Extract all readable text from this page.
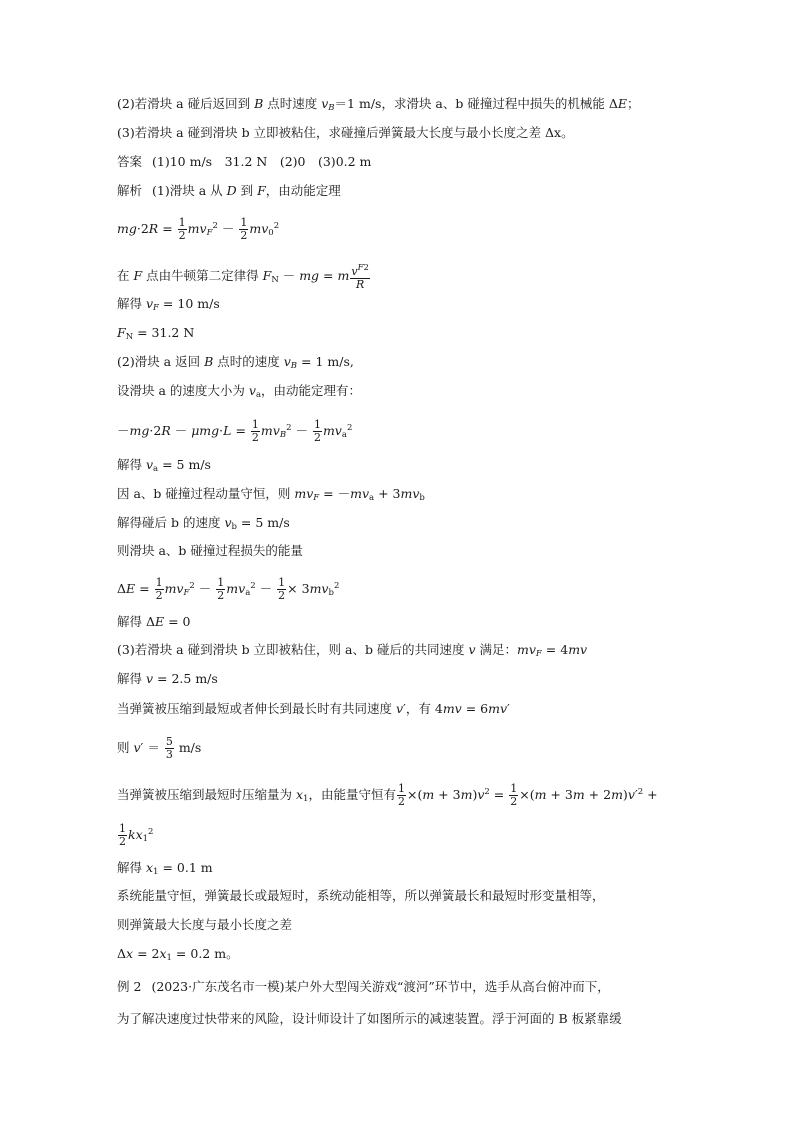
(2)若滑块 a 碰后返回到 B 点时速度 $v_B=1$ m/s，求滑块 a、b 碰撞过程中损失的机械能 ΔE；
(3)若滑块 a 碰到滑块 b 立即被粘住，求碰撞后弹簧最大长度与最小长度之差 Δx。
答案 (1)10 m/s　31.2 N　(2)0　(3)0.2 m
解析 (1)滑块 a 从 D 到 F，由动能定理
$mg\cdot 2R = \frac{1}{2} mv_F^2 - \frac{1}{2} mv_0^2$
在 F 点由牛顿第二定律得 $F_N$ － mg = m $\frac{v^{F2}}{R}$
解得 $v_F = 10$ m/s
$F_N = 31.2$ N
(2)滑块 a 返回 B 点时的速度 $v_B = 1$ m/s,
设滑块 a 的速度大小为 $v_a$，由动能定理有：
$-mg\cdot 2R - \mu mg\cdot L = \frac{1}{2} mv_B^2 - \frac{1}{2} mv_a^2$
解得 $v_a = 5$ m/s
因 a、b 碰撞过程动量守恒，则 $mv_F = -mv_a + 3mv_b$
解得碰后 b 的速度 $v_b = 5$ m/s
则滑块 a、b 碰撞过程损失的能量
$\Delta E = \frac{1}{2} mv_F^2 - \frac{1}{2} mv_a^2 - \frac{1}{2} \times 3mv_b^2$
解得 ΔE = 0
(3)若滑块 a 碰到滑块 b 立即被粘住，则 a、b 碰后的共同速度 v 满足：$mv_F = 4mv$
解得 v = 2.5 m/s
当弹簧被压缩到最短或者伸长到最长时有共同速度 v′，有 4mv = 6mv′
则 $v' = \frac{5}{3} m/s$
当弹簧被压缩到最短时压缩量为 $x_1$，由能量守恒有 $\frac{1}{2} \times(m + 3m)v^2 = \frac{1}{2} \times(m + 3m + 2m)v'^2$ +
$\frac{1}{2} kx_1^2$
解得 $x_1 = 0.1$ m
系统能量守恒，弹簧最长或最短时，系统动能相等，所以弹簧最长和最短时形变量相等，
则弹簧最大长度与最小长度之差
$\Delta x = 2x_1 = 0.2$ m。
例 2 (2023·广东茂名市一模)某户外大型闯关游戏“渡河”环节中，选手从高台俯冲而下，
为了解决速度过快带来的风险，设计师设计了如图所示的减速装置。浮于河面的 B 板紧靠缓
